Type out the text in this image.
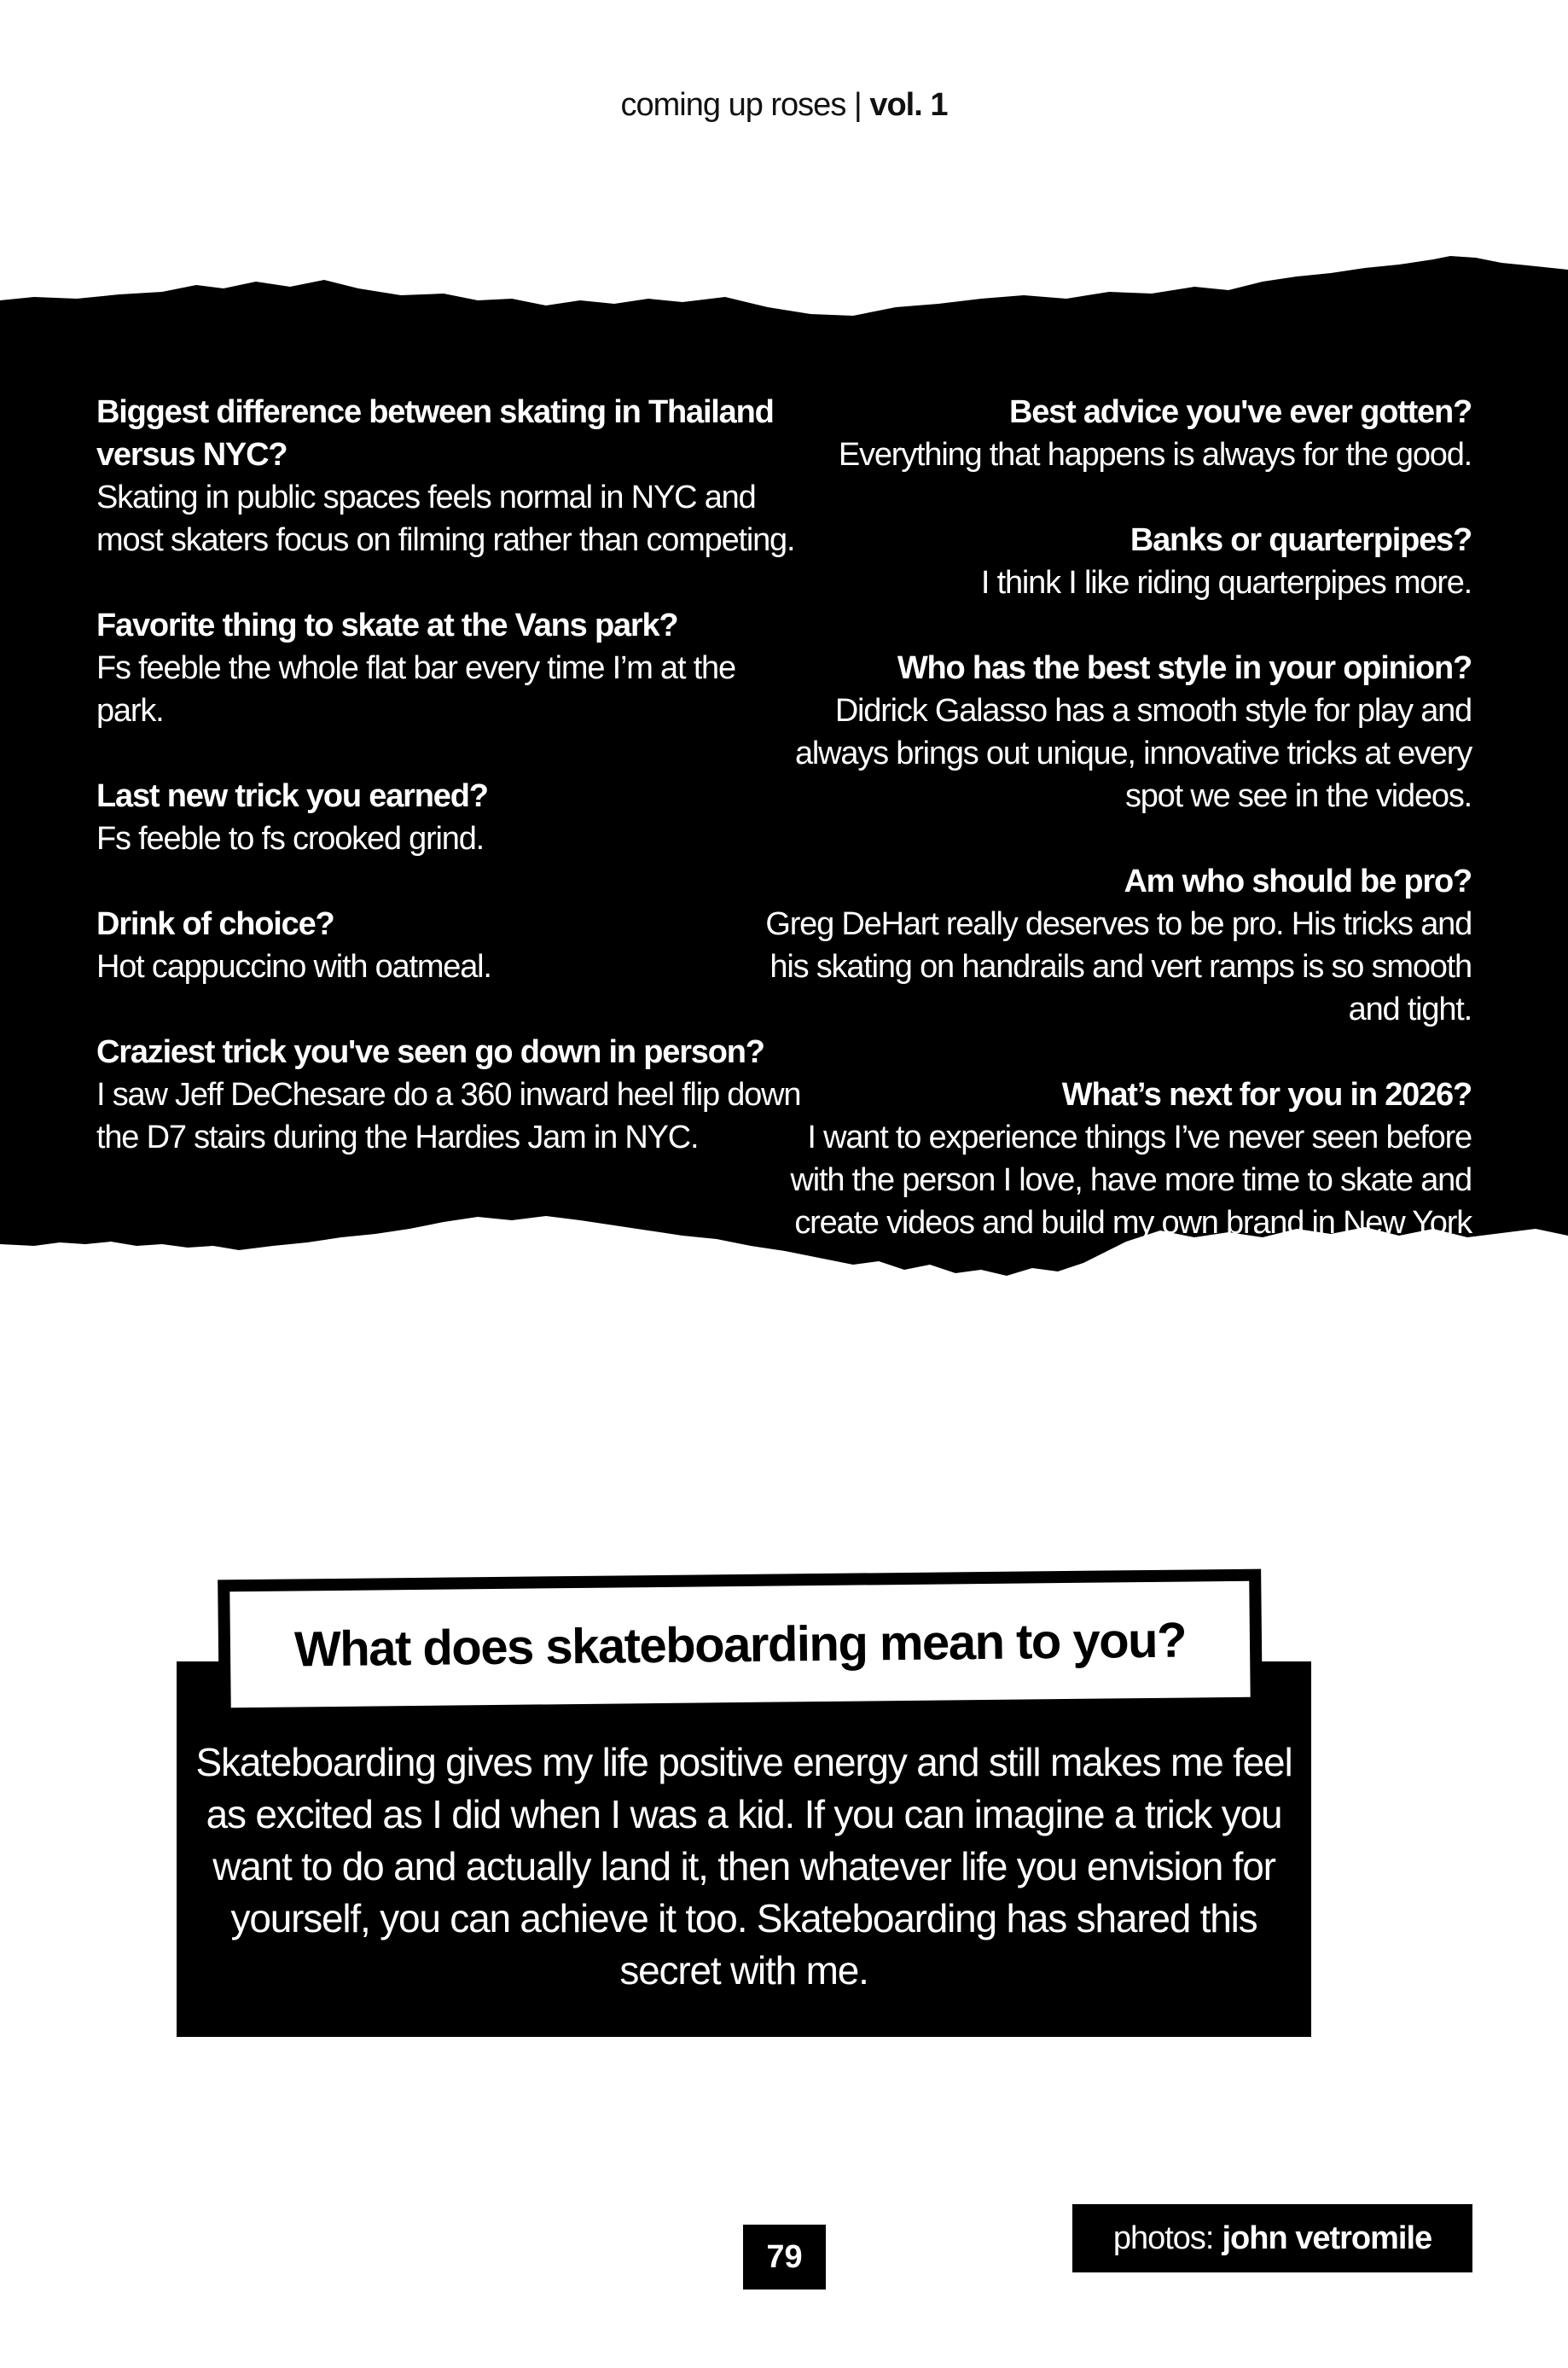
coming up roses | vol. 1
Biggest difference between skating in Thailand versus NYC?
Skating in public spaces feels normal in NYC and most skaters focus on filming rather than competing.
Favorite thing to skate at the Vans park?
Fs feeble the whole flat bar every time I’m at the park.
Last new trick you earned?
Fs feeble to fs crooked grind.
Drink of choice?
Hot cappuccino with oatmeal.
Craziest trick you've seen go down in person?
I saw Jeff DeChesare do a 360 inward heel flip down the D7 stairs during the Hardies Jam in NYC.
Best advice you've ever gotten?
Everything that happens is always for the good.
Banks or quarterpipes?
I think I like riding quarterpipes more.
Who has the best style in your opinion?
Didrick Galasso has a smooth style for play and always brings out unique, innovative tricks at every spot we see in the videos.
Am who should be pro?
Greg DeHart really deserves to be pro. His tricks and his skating on handrails and vert ramps is so smooth and tight.
What’s next for you in 2026?
I want to experience things I’ve never seen before with the person I love, have more time to skate and create videos and build my own brand in New York
What does skateboarding mean to you?
Skateboarding gives my life positive energy and still makes me feel as excited as I did when I was a kid. If you can imagine a trick you want to do and actually land it, then whatever life you envision for yourself, you can achieve it too. Skateboarding has shared this secret with me.
79
photos: john vetromile
